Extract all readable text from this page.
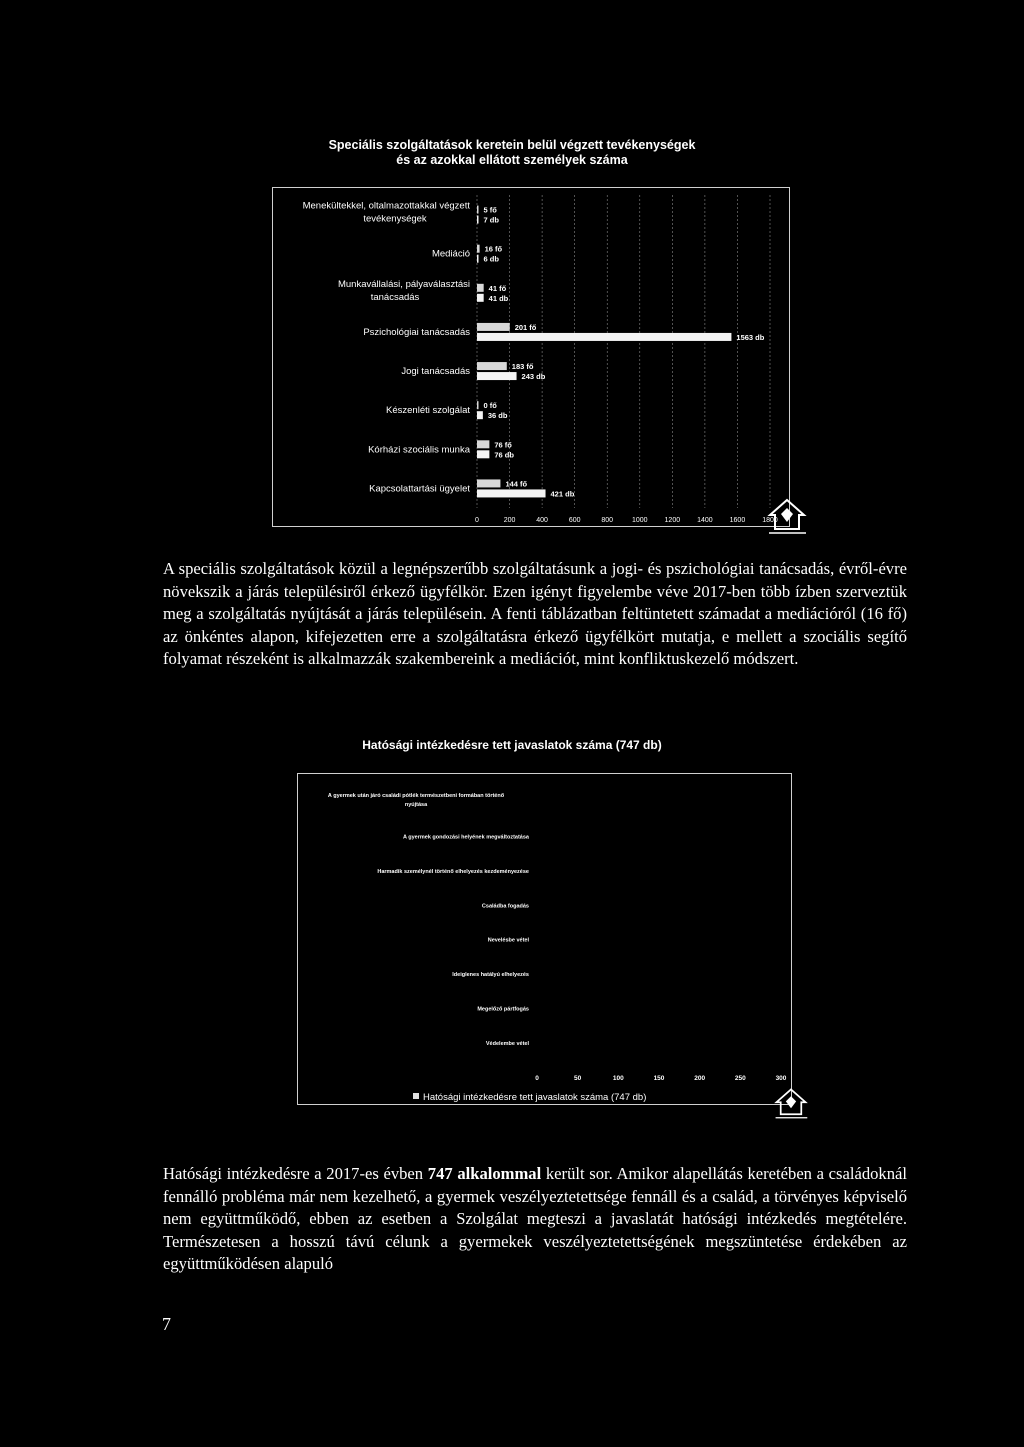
Speciális szolgáltatások keretein belül végzett tevékenységek
és az azokkal ellátott személyek száma
0	200	400	600	800	1000 1200 1400 1600 1800
Menekültekkel, oltalmazottakkal végzett
tevékenységek
5 fő
7 db
Mediáció 16 fő
6 db
Munkavállalási, pályaválasztási
tanácsadás
41 fő
41 db
Pszichológiai tanácsadás	201 fő
1563 db
Jogi tanácsadás	183 fő
243 db
Készenléti szolgálat 0 fő
36 db
Kórházi szociális munka	76 fő
76 db
Kapcsolattartási ügyelet	144 fő
421 db
A speciális szolgáltatások közül a legnépszerűbb szolgáltatásunk a jogi- és pszichológiai tanácsadás, évről-évre növekszik a járás településiről érkező ügyfélkör. Ezen igényt figyelembe véve 2017-ben több ízben szerveztük meg a szolgáltatás nyújtását a járás településein. A fenti táblázatban feltüntetett számadat a mediációról (16 fő) az önkéntes alapon, kifejezetten erre a szolgáltatásra érkező ügyfélkört mutatja, e mellett a szociális segítő folyamat részeként is alkalmazzák szakembereink a mediációt, mint konfliktuskezelő módszert.
Hatósági intézkedésre tett javaslatok száma (747 db)
0	50	100	150	200	250	300
A gyermek után járó családi pótlék természetbeni formában történő
nyújtása
A gyermek gondozási helyének megváltoztatása
Harmadik személynél történő elhelyezés kezdeményezése
Családba fogadás
Nevelésbe vétel
Ideiglenes hatályú elhelyezés
Megelőző pártfogás
Védelembe vétel
Hatósági intézkedésre tett javaslatok száma (747 db)
Hatósági intézkedésre a 2017-es évben 747 alkalommal került sor. Amikor alapellátás keretében a családoknál fennálló probléma már nem kezelhető, a gyermek veszélyeztetettsége fennáll és a család, a törvényes képviselő nem együttműködő, ebben az esetben a Szolgálat megteszi a javaslatát hatósági intézkedés megtételére. Természetesen a hosszú távú célunk a gyermekek veszélyeztetettségének megszüntetése érdekében az együttműködésen alapuló
7
